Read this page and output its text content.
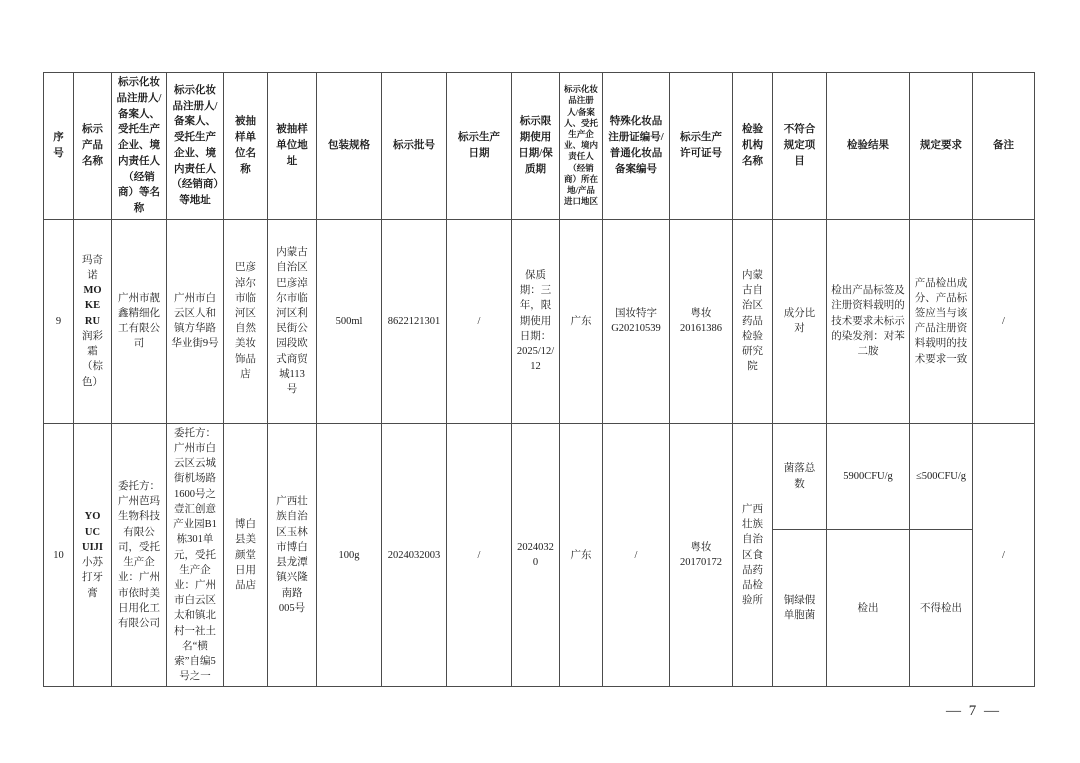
序号	标示产品名称	标示化妆品注册人/备案人、受托生产企业、境内责任人（经销商）等名称	标示化妆品注册人/备案人、受托生产企业、境内责任人（经销商）等地址	被抽样单位名称	被抽样单位地址	包装规格	标示批号	标示生产日期	标示限期使用日期/保质期	标示化妆品注册人/备案人、受托生产企业、境内责任人（经销商）所在地/产品进口地区	特殊化妆品注册证编号/普通化妆品备案编号	标示生产许可证号	检验机构名称	不符合规定项目	检验结果	规定要求	备注
9	玛奇诺MOKERU润彩霜（棕色）	广州市靓鑫精细化工有限公司	广州市白云区人和镇方华路华业街9号	巴彦淖尔市临河区自然美妆饰品店	内蒙古自治区巴彦淖尔市临河区利民街公园段欧式商贸城113号	500ml	8622121301	/	保质期：三年，限期使用日期：2025/12/12	广东	国妆特字G20210539	粤妆20161386	内蒙古自治区药品检验研究院	成分比对	检出产品标签及注册资料载明的技术要求未标示的染发剂：对苯二胺	产品检出成分、产品标签应当与该产品注册资料载明的技术要求一致	/
10	YOUCUIJI小苏打牙膏	委托方：广州芭玛生物科技有限公司，受托生产企业：广州市依时美日用化工有限公司	委托方：广州市白云区云城街机场路1600号之壹汇创意产业园B1栋301单元，受托生产企业：广州市白云区太和镇北村一社土名“横索”自编5号之一	博白县美颜堂日用品店	广西壮族自治区玉林市博白县龙潭镇兴隆南路005号	100g	2024032003	/	20240320	广东	/	粤妆20170172	广西壮族自治区食品药品检验所	菌落总数	5900CFU/g	≤500CFU/g	/
														铜绿假单胞菌	检出	不得检出	
— 7 —
